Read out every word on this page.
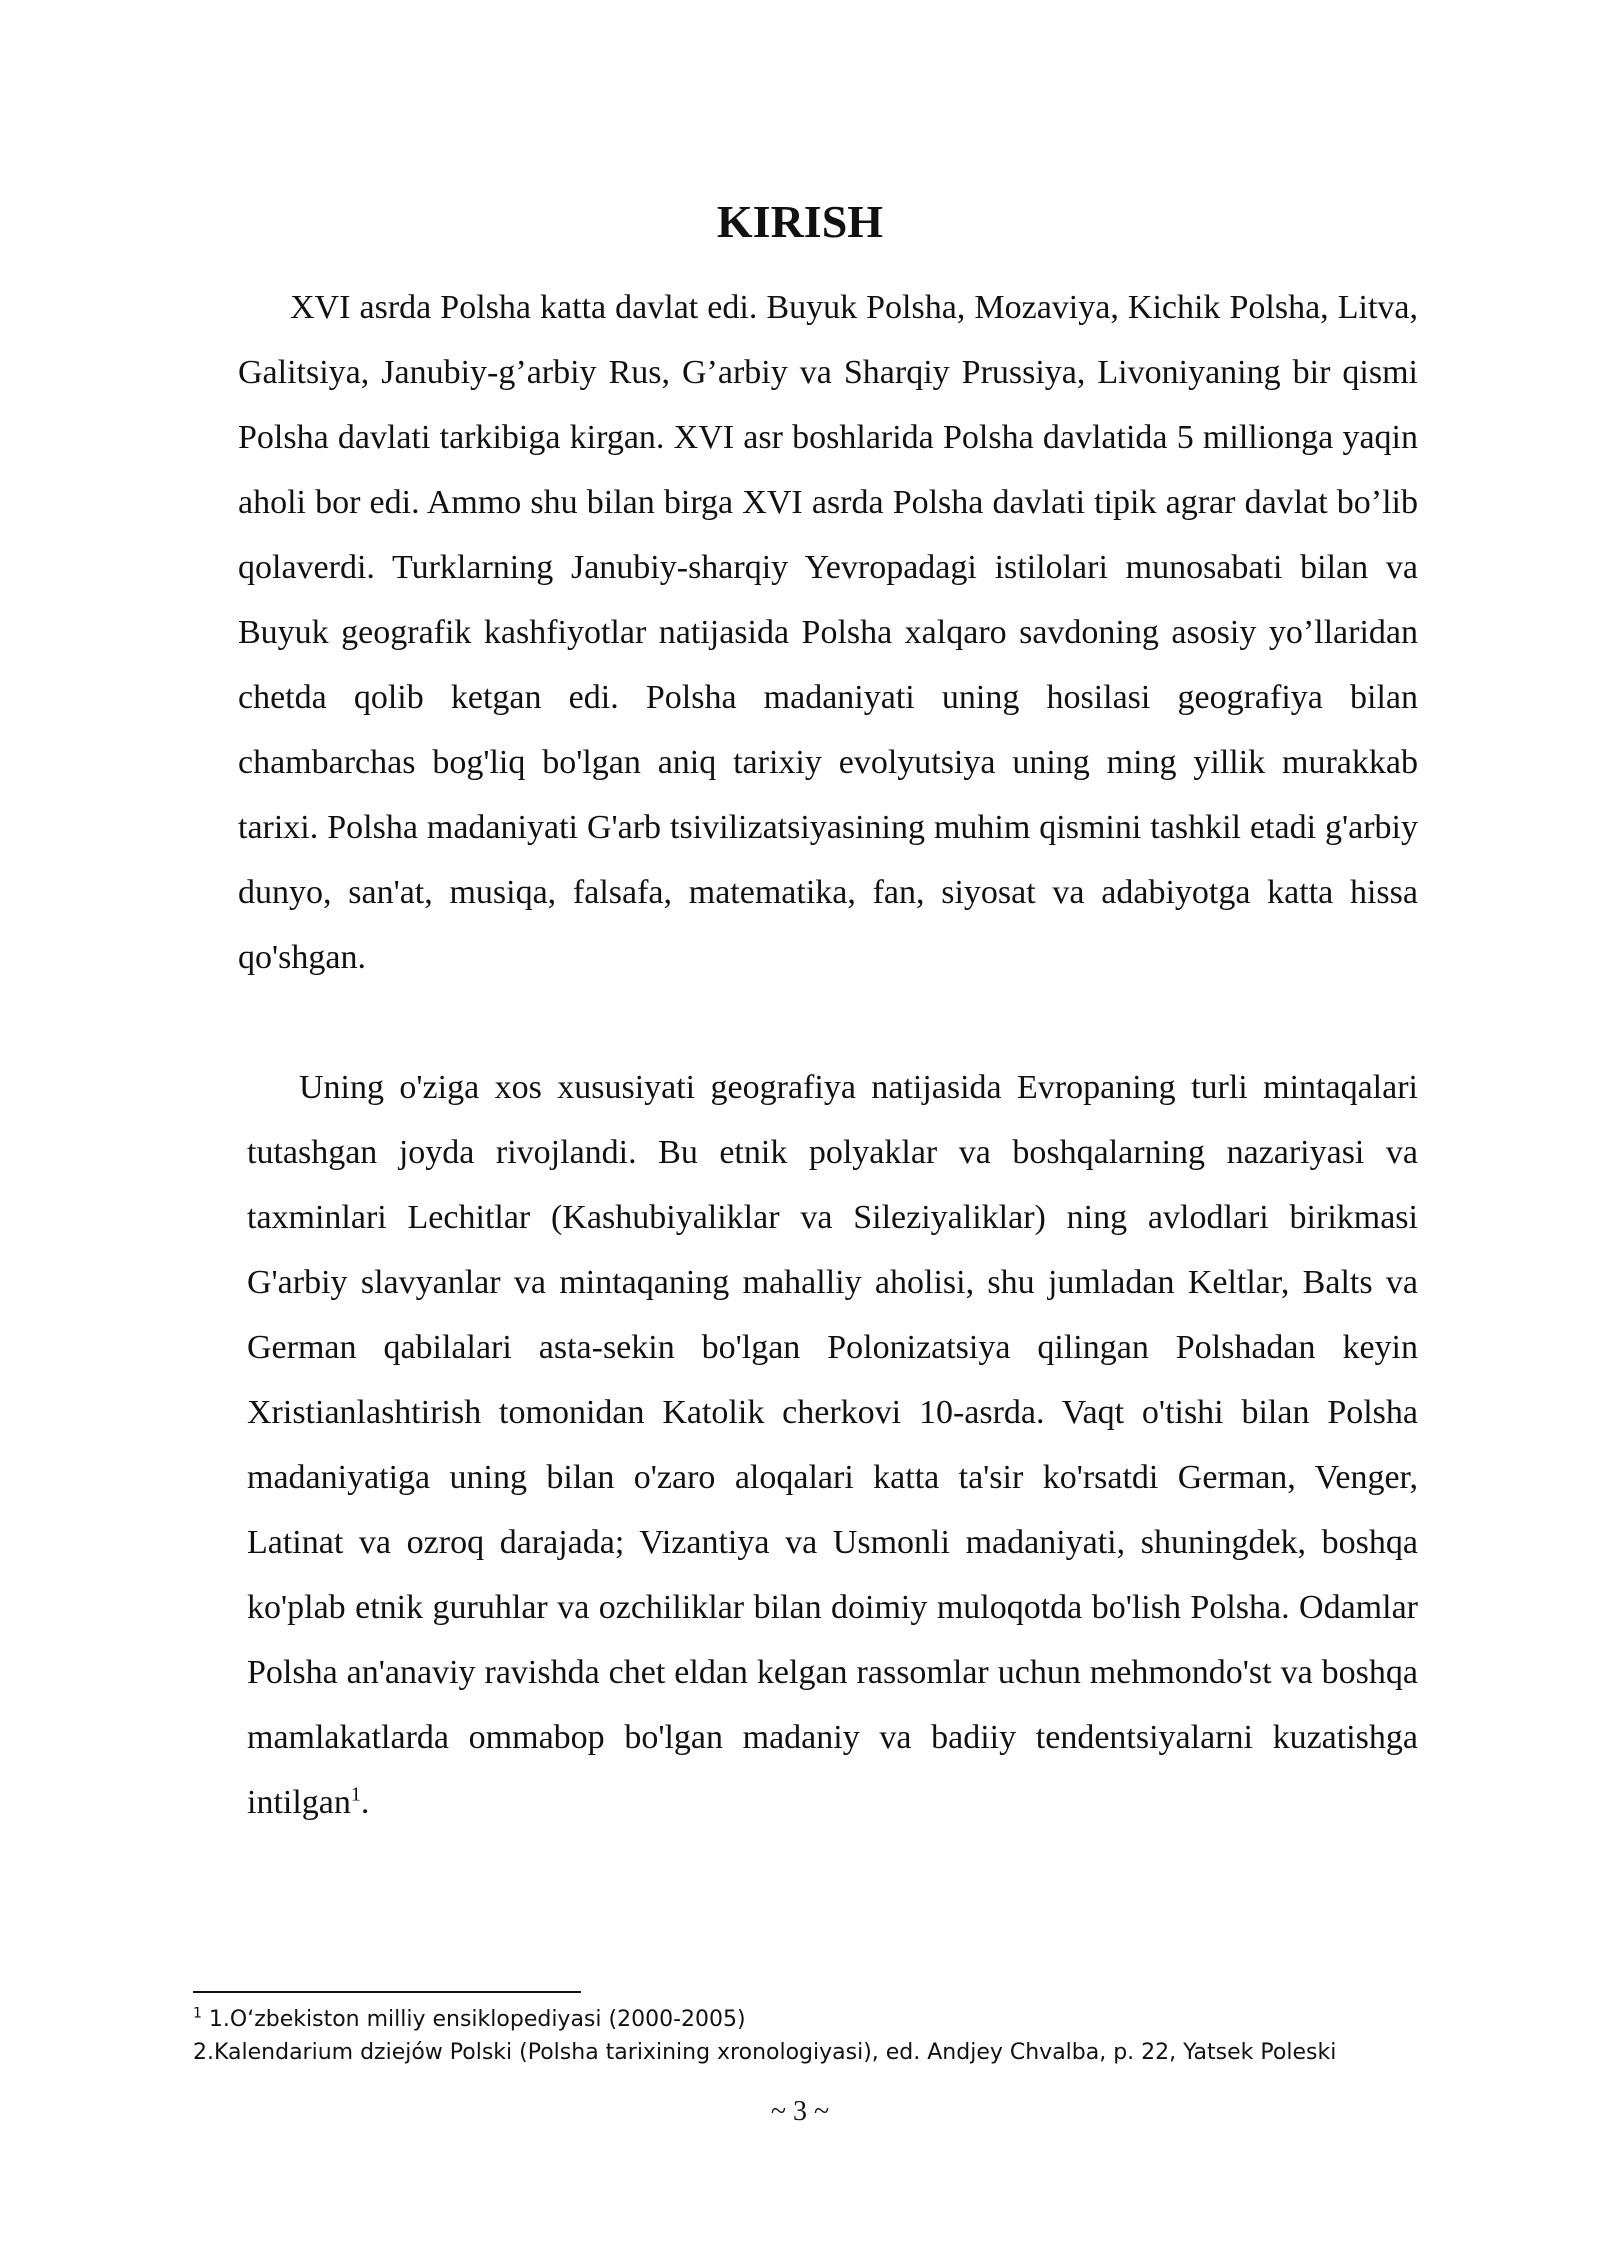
KIRISH

XVI asrda Polsha katta davlat edi. Buyuk Polsha, Mozaviya, Kichik Polsha, Litva, Galitsiya, Janubiy-g’arbiy Rus, G’arbiy va Sharqiy Prussiya, Livoniyaning bir qismi Polsha davlati tarkibiga kirgan. XVI asr boshlarida Polsha davlatida 5 millionga yaqin aholi bor edi. Ammo shu bilan birga XVI asrda Polsha davlati tipik agrar davlat bo’lib qolaverdi. Turklarning Janubiy-sharqiy Yevropadagi istilolari munosabati bilan va Buyuk geografik kashfiyotlar natijasida Polsha xalqaro savdoning asosiy yo’llaridan chetda qolib ketgan edi. Polsha madaniyati uning hosilasi geografiya bilan chambarchas bog'liq bo'lgan aniq tarixiy evolyutsiya uning ming yillik murakkab tarixi. Polsha madaniyati G'arb tsivilizatsiyasining muhim qismini tashkil etadi g'arbiy dunyo, san'at, musiqa, falsafa, matematika, fan, siyosat va adabiyotga katta hissa qo'shgan.

Uning o'ziga xos xususiyati geografiya natijasida Evropaning turli mintaqalari tutashgan joyda rivojlandi. Bu etnik polyaklar va boshqalarning nazariyasi va taxminlari Lechitlar (Kashubiyaliklar va Sileziyaliklar) ning avlodlari birikmasi G'arbiy slavyanlar va mintaqaning mahalliy aholisi, shu jumladan Keltlar, Balts va German qabilalari asta-sekin bo'lgan Polonizatsiya qilingan Polshadan keyin Xristianlashtirish tomonidan Katolik cherkovi 10-asrda. Vaqt o'tishi bilan Polsha madaniyatiga uning bilan o'zaro aloqalari katta ta'sir ko'rsatdi German, Venger, Latinat va ozroq darajada; Vizantiya va Usmonli madaniyati, shuningdek, boshqa ko'plab etnik guruhlar va ozchiliklar bilan doimiy muloqotda bo'lish Polsha. Odamlar Polsha an'anaviy ravishda chet eldan kelgan rassomlar uchun mehmondo'st va boshqa mamlakatlarda ommabop bo'lgan madaniy va badiiy tendentsiyalarni kuzatishga intilgan$^1$.

$^1$ 1.O‘zbekiston milliy ensiklopediyasi (2000-2005)
2.Kalendarium dziejów Polski (Polsha tarixining xronologiyasi), ed. Andjey Chvalba, p. 22, Yatsek Poleski
~ 3 ~
